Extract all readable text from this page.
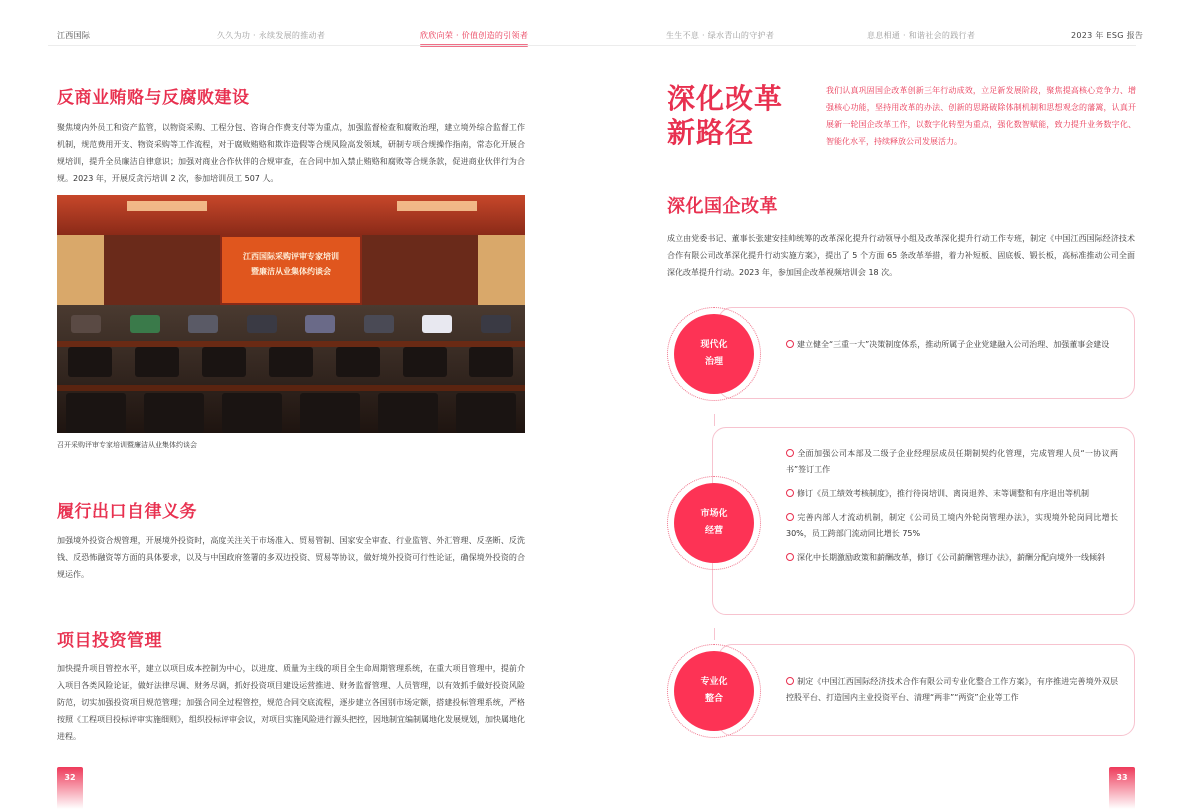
江西国际	久久为功 · 永续发展的推动者	欣欣向荣 · 价值创造的引领者	生生不息 · 绿水青山的守护者	息息相通 · 和谐社会的践行者	2023 年 ESG 报告
反商业贿赂与反腐败建设
聚焦境内外员工和资产监管，以物资采购、工程分包、咨询合作费支付等为重点，加强监督检查和腐败治理，建立境外综合监督工作机制，规范费用开支、物资采购等工作流程，对于腐败贿赂和欺诈造假等合规风险高发领域，研制专项合规操作指南，常态化开展合规培训，提升全员廉洁自律意识；加强对商业合作伙伴的合规审查，在合同中加入禁止贿赂和腐败等合规条款，促进商业伙伴行为合规。2023 年，开展反贪污培训 2 次，参加培训员工 507 人。
江西国际采购评审专家培训
暨廉洁从业集体约谈会
召开采购评审专家培训暨廉洁从业集体约谈会
履行出口自律义务
加强境外投资合规管理，开展境外投资时，高度关注关于市场准入、贸易管制、国家安全审查、行业监管、外汇管理、反垄断、反洗钱、反恐怖融资等方面的具体要求，以及与中国政府签署的多双边投资、贸易等协议，做好境外投资可行性论证，确保境外投资的合规运作。
项目投资管理
加快提升项目管控水平，建立以项目成本控制为中心，以进度、质量为主线的项目全生命周期管理系统，在重大项目管理中，提前介入项目各类风险论证，做好法律尽调、财务尽调，抓好投资项目建设运营推进、财务监督管理、人员管理，以有效抓手做好投资风险防范，切实加强投资项目规范管理；加强合同全过程管控，规范合同交底流程，逐步建立各国别市场定额，搭建投标管理系统，严格按照《工程项目投标评审实施细则》，组织投标评审会议，对项目实施风险进行源头把控，因地制宜编制属地化发展规划，加快属地化进程。
32
深化改革
新路径
我们认真巩固国企改革创新三年行动成效，立足新发展阶段，聚焦提高核心竞争力、增强核心功能，坚持用改革的办法、创新的思路破除体制机制和思想观念的藩篱，认真开展新一轮国企改革工作，以数字化转型为重点，强化数智赋能，致力提升业务数字化、智能化水平，持续释放公司发展活力。
深化国企改革
成立由党委书记、董事长张建安挂帅统筹的改革深化提升行动领导小组及改革深化提升行动工作专班，制定《中国江西国际经济技术合作有限公司改革深化提升行动实施方案》，提出了 5 个方面 65 条改革举措，着力补短板、固底板、锻长板，高标准推动公司全面深化改革提升行动。2023 年，参加国企改革视频培训会 18 次。
现代化
治理
建立健全“三重一大”决策制度体系，推动所属子企业党建融入公司治理、加强董事会建设
市场化
经营
全面加强公司本部及二级子企业经理层成员任期制契约化管理，完成管理人员“一协议两书”签订工作
修订《员工绩效考核制度》，推行待岗培训、离岗退养、末等调整和有序退出等机制
完善内部人才流动机制，制定《公司员工境内外轮岗管理办法》，实现境外轮岗同比增长 30%，员工跨部门流动同比增长 75%
深化中长期激励政策和薪酬改革，修订《公司薪酬管理办法》，薪酬分配向境外一线倾斜
专业化
整合
制定《中国江西国际经济技术合作有限公司专业化整合工作方案》，有序推进完善境外双层控股平台、打造国内主业投资平台、清理“两非”“两资”企业等工作
33
